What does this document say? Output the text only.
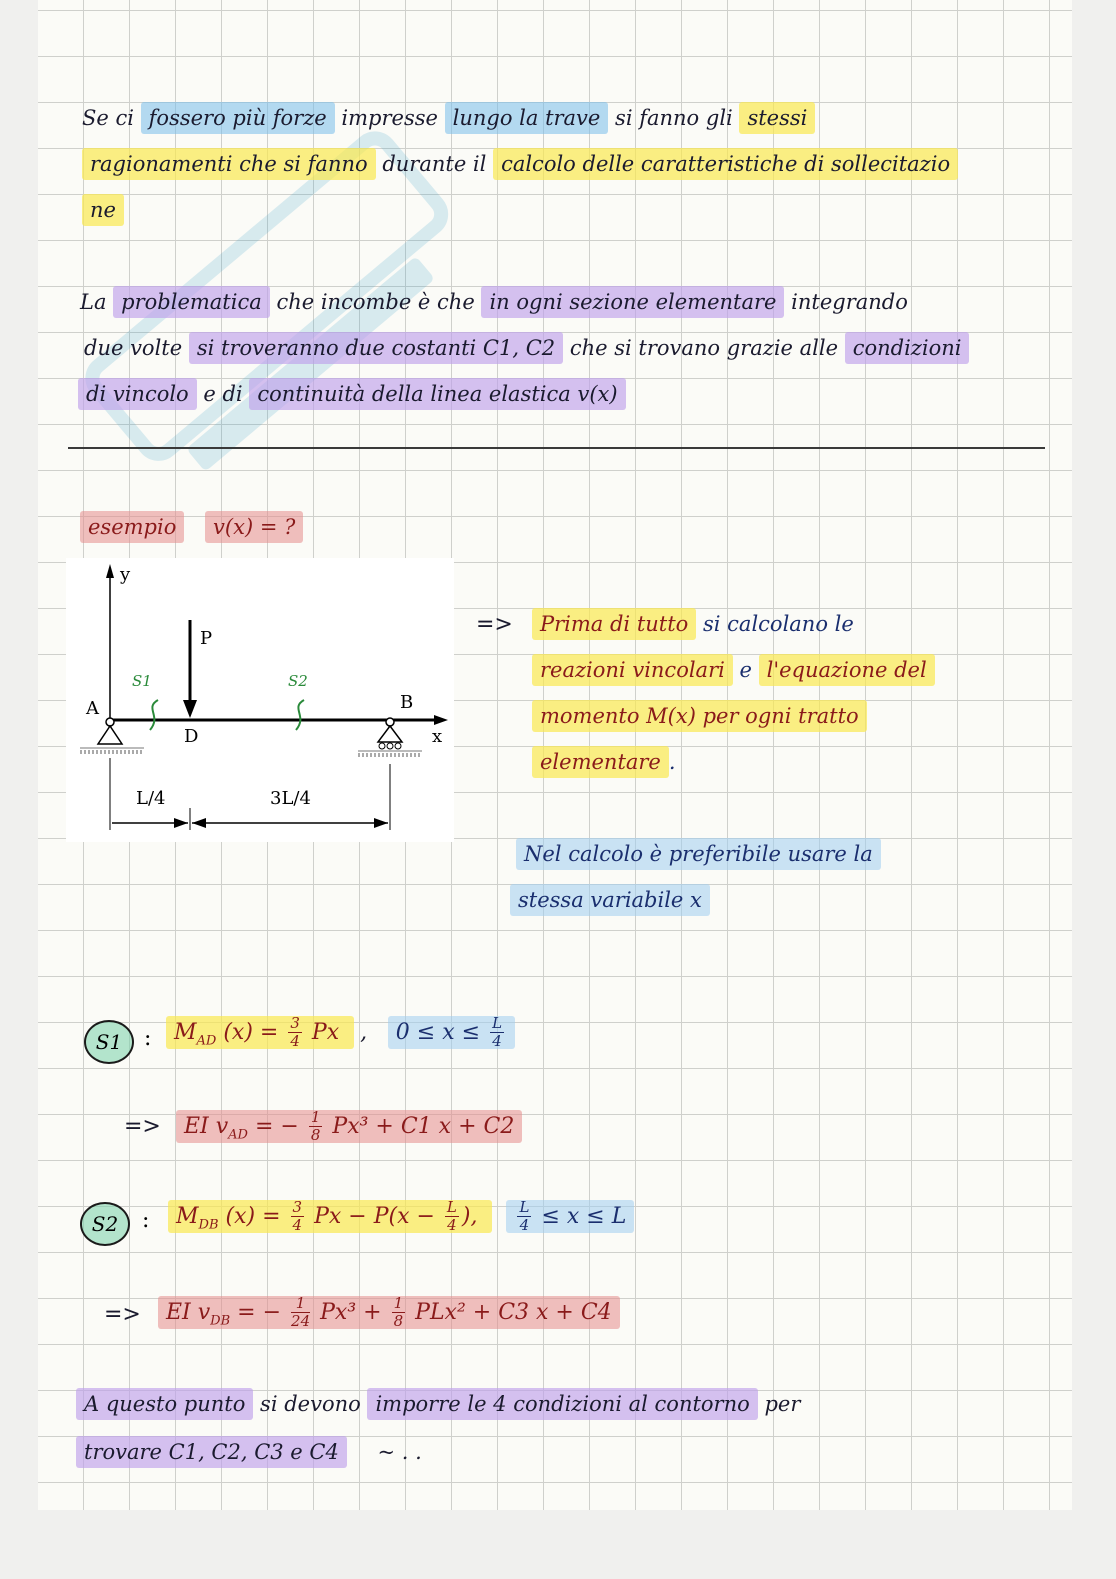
Se ci fossero più forze impresse lungo la trave si fanno gli stessi
ragionamenti che si fanno durante il calcolo delle caratteristiche di sollecitazio
ne
La problematica che incombe è che in ogni sezione elementare integrando
due volte si troveranno due costanti C1, C2 che si trovano grazie alle condizioni
di vincolo e di continuità della linea elastica v(x)
esempio v(x) = ?
y
x
P
A	B
D
S1	S2
L/4	3L/4
=>	Prima di tutto si calcolano le
reazioni vincolari e l'equazione del
momento M(x) per ogni tratto
elementare .
Nel calcolo è preferibile usare la
stessa variabile x
S1 :	$M_{AD}$ $(x) = \frac{3}{4}$ Px , $0 \le x \le \frac{L}{4}$
=>	EI $v_{AD}$ = − $\frac{1}{8} Px^3 + C1$ x + C2
S2	:	$M_{DB}$ $(x) = \frac{3}{4}$ $Px - P(x - \frac{L}{4}$ ),	$\frac{L}{4} \le x \le L$
=>	EI $v_{DB}$ = − $\frac{1}{24} Px^3 + \frac{1}{8} PLx^2 + C3$ x + C4
A questo punto si devono imporre le 4 condizioni al contorno per
trovare C1, C2, C3 e C4 ~ . .
